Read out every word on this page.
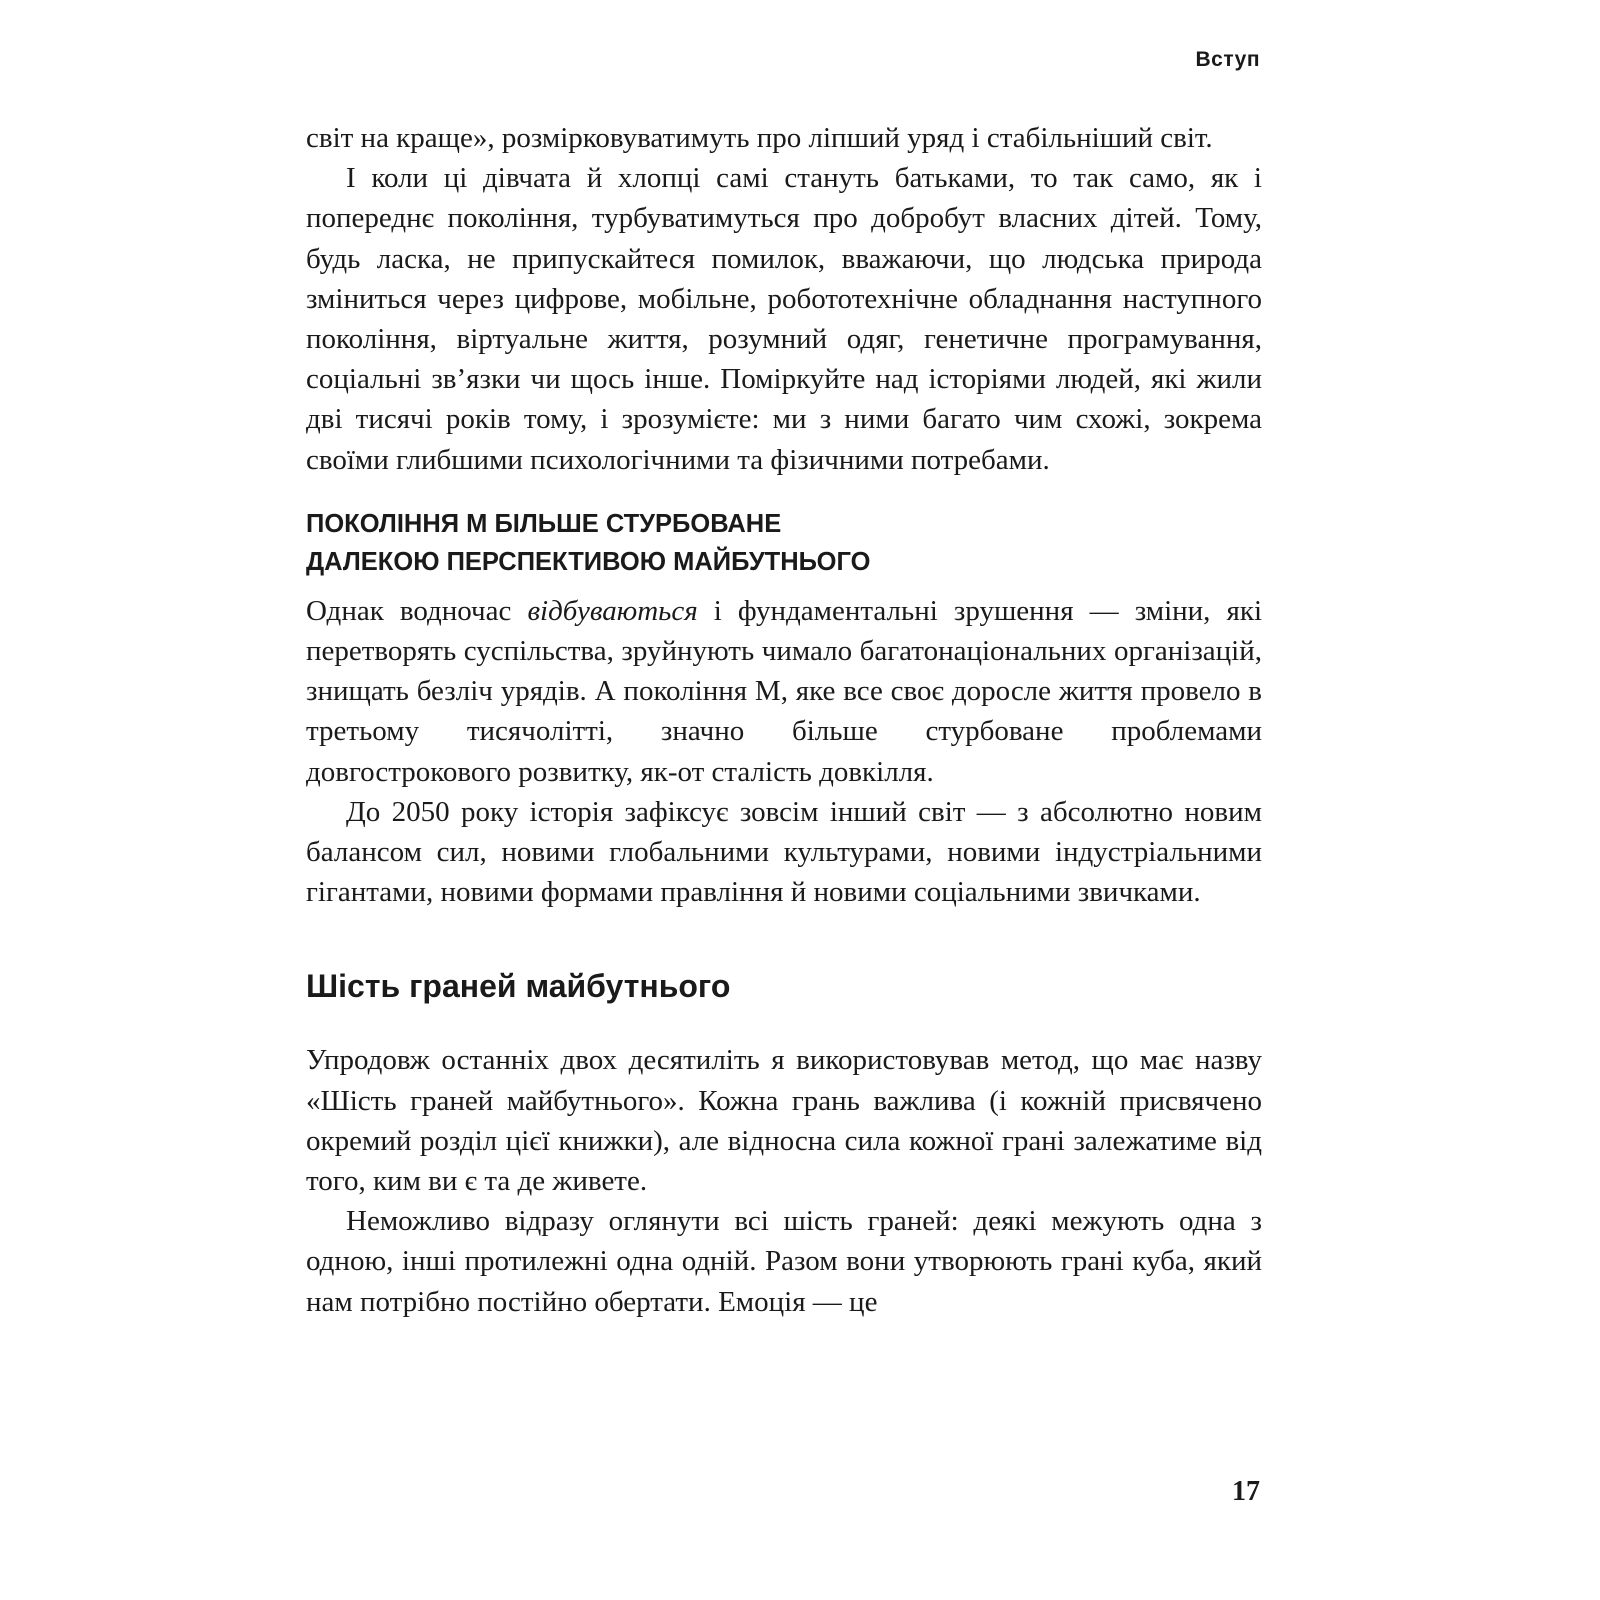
Вступ

світ на краще», розмірковуватимуть про ліпший уряд і стабільніший світ.

І коли ці дівчата й хлопці самі стануть батьками, то так само, як і попереднє покоління, турбуватимуться про добробут власних дітей. Тому, будь ласка, не припускайтеся помилок, вважаючи, що людська природа зміниться через цифрове, мобільне, робототехнічне обладнання наступного покоління, віртуальне життя, розумний одяг, генетичне програмування, соціальні зв’язки чи щось інше. Поміркуйте над історіями людей, які жили дві тисячі років тому, і зрозумієте: ми з ними багато чим схожі, зокрема своїми глибшими психологічними та фізичними потребами.

ПОКОЛІННЯ М БІЛЬШЕ СТУРБОВАНЕ
ДАЛЕКОЮ ПЕРСПЕКТИВОЮ МАЙБУТНЬОГО

Однак водночас відбуваються і фундаментальні зрушення — зміни, які перетворять суспільства, зруйнують чимало багатонаціональних організацій, знищать безліч урядів. А покоління М, яке все своє доросле життя провело в третьому тисячолітті, значно більше стурбоване проблемами довгострокового розвитку, як-от сталість довкілля.

До 2050 року історія зафіксує зовсім інший світ — з абсолютно новим балансом сил, новими глобальними культурами, новими індустріальними гігантами, новими формами правління й новими соціальними звичками.

Шість граней майбутнього

Упродовж останніх двох десятиліть я використовував метод, що має назву «Шість граней майбутнього». Кожна грань важлива (і кожній присвячено окремий розділ цієї книжки), але відносна сила кожної грані залежатиме від того, ким ви є та де живете.

Неможливо відразу оглянути всі шість граней: деякі межують одна з одною, інші протилежні одна одній. Разом вони утворюють грані куба, який нам потрібно постійно обертати. Емоція — це

17
